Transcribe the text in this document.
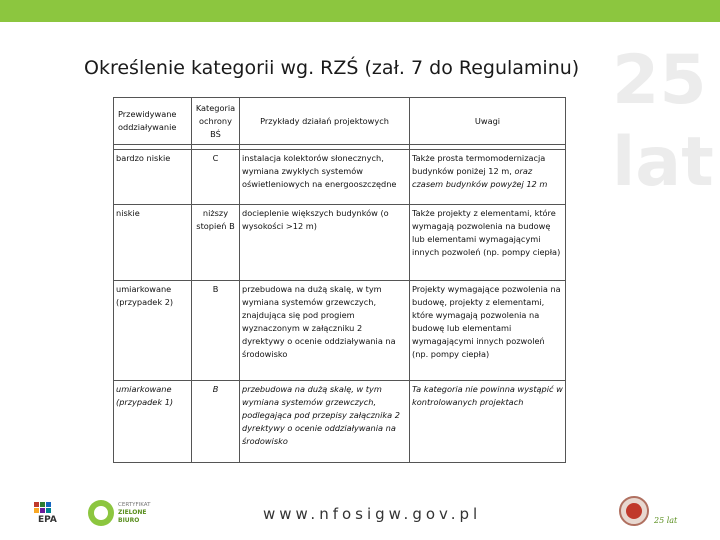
25
lat
Określenie kategorii wg. RZŚ (zał. 7 do Regulaminu)
Przewidywane oddziaływanie	Kategoria ochrony BŚ	Przykłady działań projektowych	Uwagi

bardzo niskie	C	instalacja kolektorów słonecznych, wymiana zwykłych systemów oświetleniowych na energooszczędne	Także prosta termomodernizacja budynków poniżej 12 m, oraz czasem budynków powyżej 12 m
niskie	niższy stopień B	docieplenie większych budynków (o wysokości >12 m)	Także projekty z elementami, które wymagają pozwolenia na budowę lub elementami wymagającymi innych pozwoleń (np. pompy ciepła)
umiarkowane (przypadek 2)	B	przebudowa na dużą skalę, w tym wymiana systemów grzewczych, znajdująca się pod progiem wyznaczonym w załączniku 2 dyrektywy o ocenie oddziaływania na środowisko	Projekty wymagające pozwolenia na budowę, projekty z elementami, które wymagają pozwolenia na budowę lub elementami wymagającymi innych pozwoleń (np. pompy ciepła)
umiarkowane (przypadek 1)	B	przebudowa na dużą skalę, w tym wymiana systemów grzewczych, podlegająca pod przepisy załącznika 2 dyrektywy o ocenie oddziaływania na środowisko	Ta kategoria nie powinna wystąpić w kontrolowanych projektach
EPA
CERTYFIKAT
ZIELONE
BIURO	www.nfosigw.gov.pl	25 lat
